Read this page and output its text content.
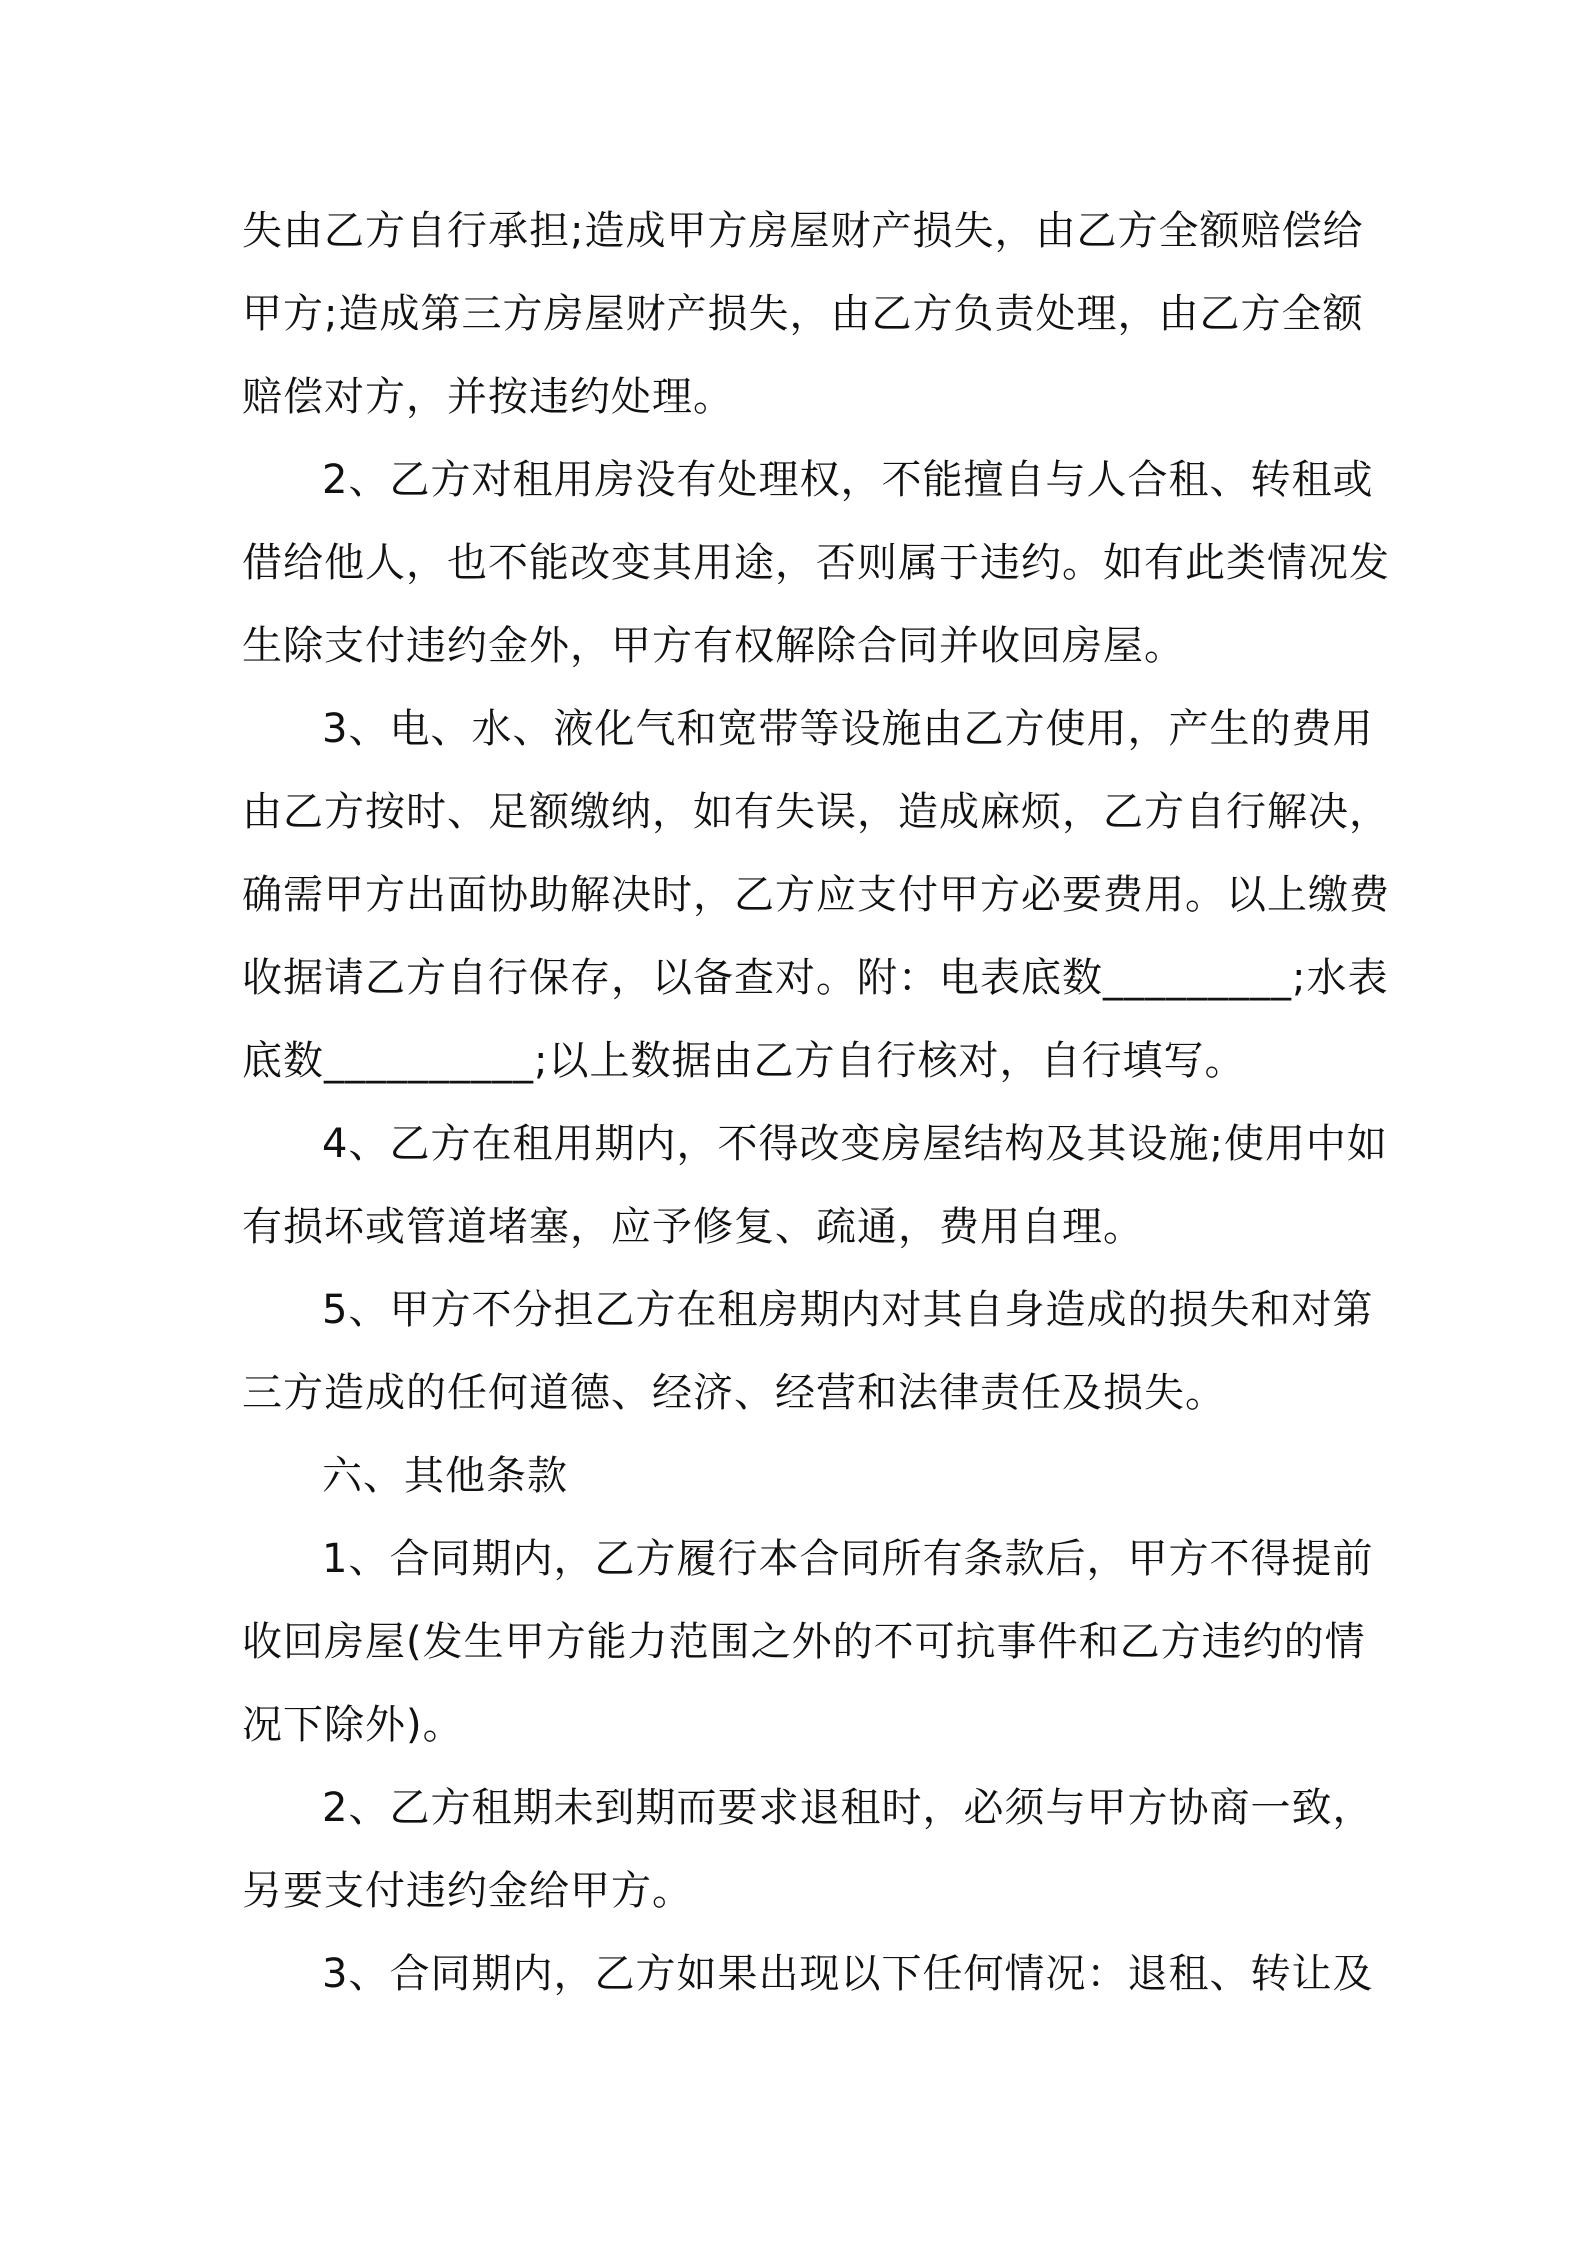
失由乙方自行承担;造成甲方房屋财产损失，由乙方全额赔偿给
甲方;造成第三方房屋财产损失，由乙方负责处理，由乙方全额
赔偿对方，并按违约处理。

2、乙方对租用房没有处理权，不能擅自与人合租、转租或
借给他人，也不能改变其用途，否则属于违约。如有此类情况发
生除支付违约金外，甲方有权解除合同并收回房屋。

3、电、水、液化气和宽带等设施由乙方使用，产生的费用
由乙方按时、足额缴纳，如有失误，造成麻烦，乙方自行解决，
确需甲方出面协助解决时，乙方应支付甲方必要费用。以上缴费
收据请乙方自行保存，以备查对。附：电表底数_________;水表
底数__________;以上数据由乙方自行核对，自行填写。

4、乙方在租用期内，不得改变房屋结构及其设施;使用中如
有损坏或管道堵塞，应予修复、疏通，费用自理。

5、甲方不分担乙方在租房期内对其自身造成的损失和对第
三方造成的任何道德、经济、经营和法律责任及损失。

六、其他条款

1、合同期内，乙方履行本合同所有条款后，甲方不得提前
收回房屋(发生甲方能力范围之外的不可抗事件和乙方违约的情
况下除外)。

2、乙方租期未到期而要求退租时，必须与甲方协商一致，
另要支付违约金给甲方。

3、合同期内，乙方如果出现以下任何情况：退租、转让及
